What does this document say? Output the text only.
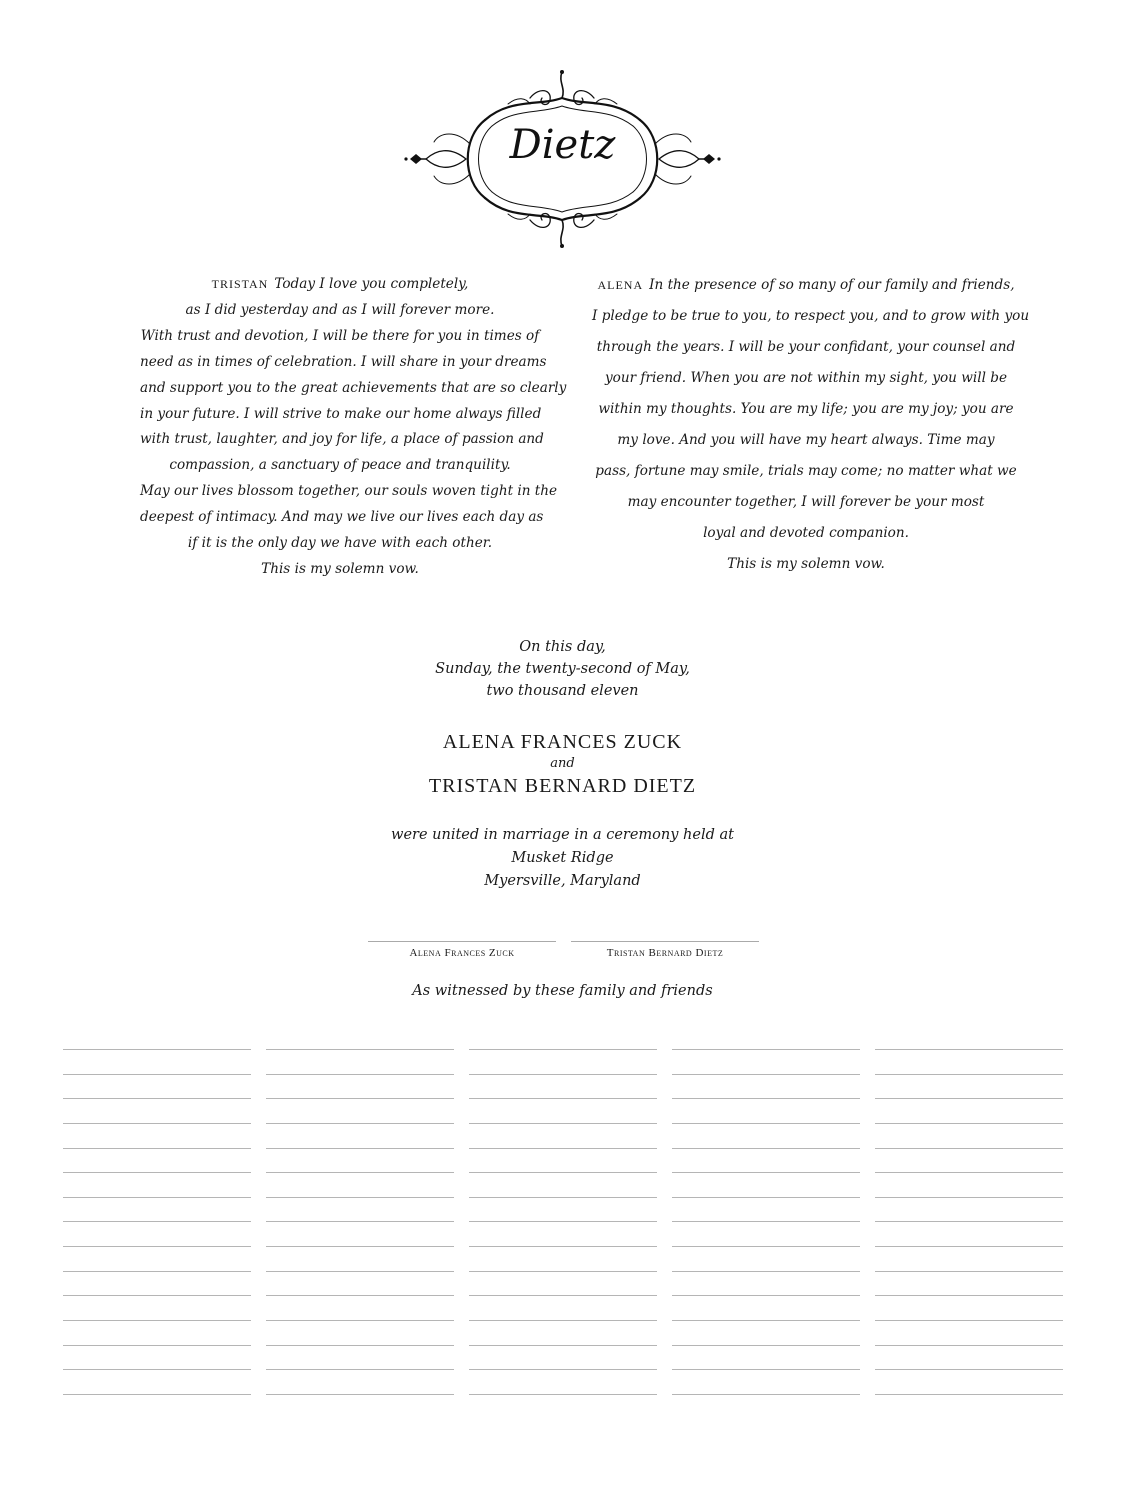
Dietz
TRISTAN Today I love you completely,
as I did yesterday and as I will forever more.
With trust and devotion, I will be there for you in times of
need as in times of celebration. I will share in your dreams
and support you to the great achievements that are so clearly
in your future. I will strive to make our home always filled
with trust, laughter, and joy for life, a place of passion and
compassion, a sanctuary of peace and tranquility.
May our lives blossom together, our souls woven tight in the
deepest of intimacy. And may we live our lives each day as
if it is the only day we have with each other.
This is my solemn vow.
ALENA In the presence of so many of our family and friends,
I pledge to be true to you, to respect you, and to grow with you
through the years. I will be your confidant, your counsel and
your friend. When you are not within my sight, you will be
within my thoughts. You are my life; you are my joy; you are
my love. And you will have my heart always. Time may
pass, fortune may smile, trials may come; no matter what we
may encounter together, I will forever be your most
loyal and devoted companion.
This is my solemn vow.
On this day,
Sunday, the twenty-second of May,
two thousand eleven
ALENA FRANCES ZUCK
and
TRISTAN BERNARD DIETZ
were united in marriage in a ceremony held at
Musket Ridge
Myersville, Maryland
Alena Frances Zuck	Tristan Bernard Dietz
As witnessed by these family and friends
